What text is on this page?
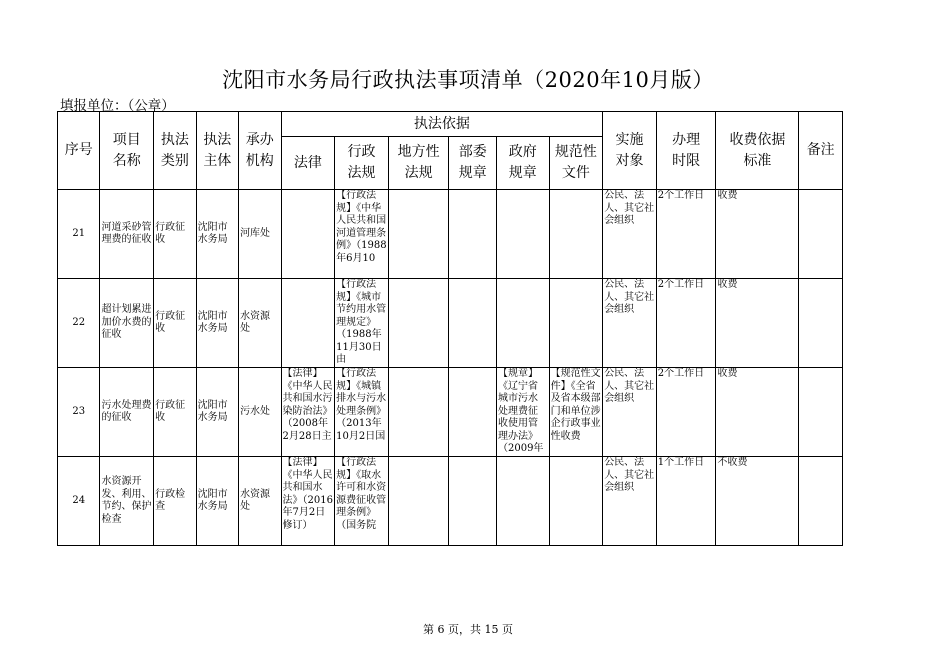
沈阳市水务局行政执法事项清单（2020年10月版）
填报单位：（公章）
序号	项目名称	执法类别	执法主体	承办机构	执法依据						实施对象	办理时限	收费依据标准	备注

					法律	行政法规	地方性法规	部委规章	政府规章	规范性文件				

21	河道采砂管理费的征收	行政征收	沈阳市水务局	河库处		【行政法规】《中华人民共和国河道管理条例》（1988年6月10					公民、法人、其它社会组织	2个工作日	收费	

22	超计划累进加价水费的征收	行政征收	沈阳市水务局	水资源处		【行政法规】《城市节约用水管理规定》（1988年11月30日由					公民、法人、其它社会组织	2个工作日	收费	

23	污水处理费的征收	行政征收	沈阳市水务局	污水处	【法律】《中华人民共和国水污染防治法》（2008年2月28日主	【行政法规】《城镇排水与污水处理条例》（2013年10月2日国			【规章】《辽宁省城市污水处理费征收使用管理办法》（2009年	【规范性文件】《全省及省本级部门和单位涉企行政事业性收费	公民、法人、其它社会组织	2个工作日	收费	

24	水资源开发、利用、节约、保护检查	行政检查	沈阳市水务局	水资源处	【法律】《中华人民共和国水法》（2016年7月2日修订）	【行政法规】《取水许可和水资源费征收管理条例》（国务院					公民、法人、其它社会组织	1个工作日	不收费	

第 6 页，共 15 页
